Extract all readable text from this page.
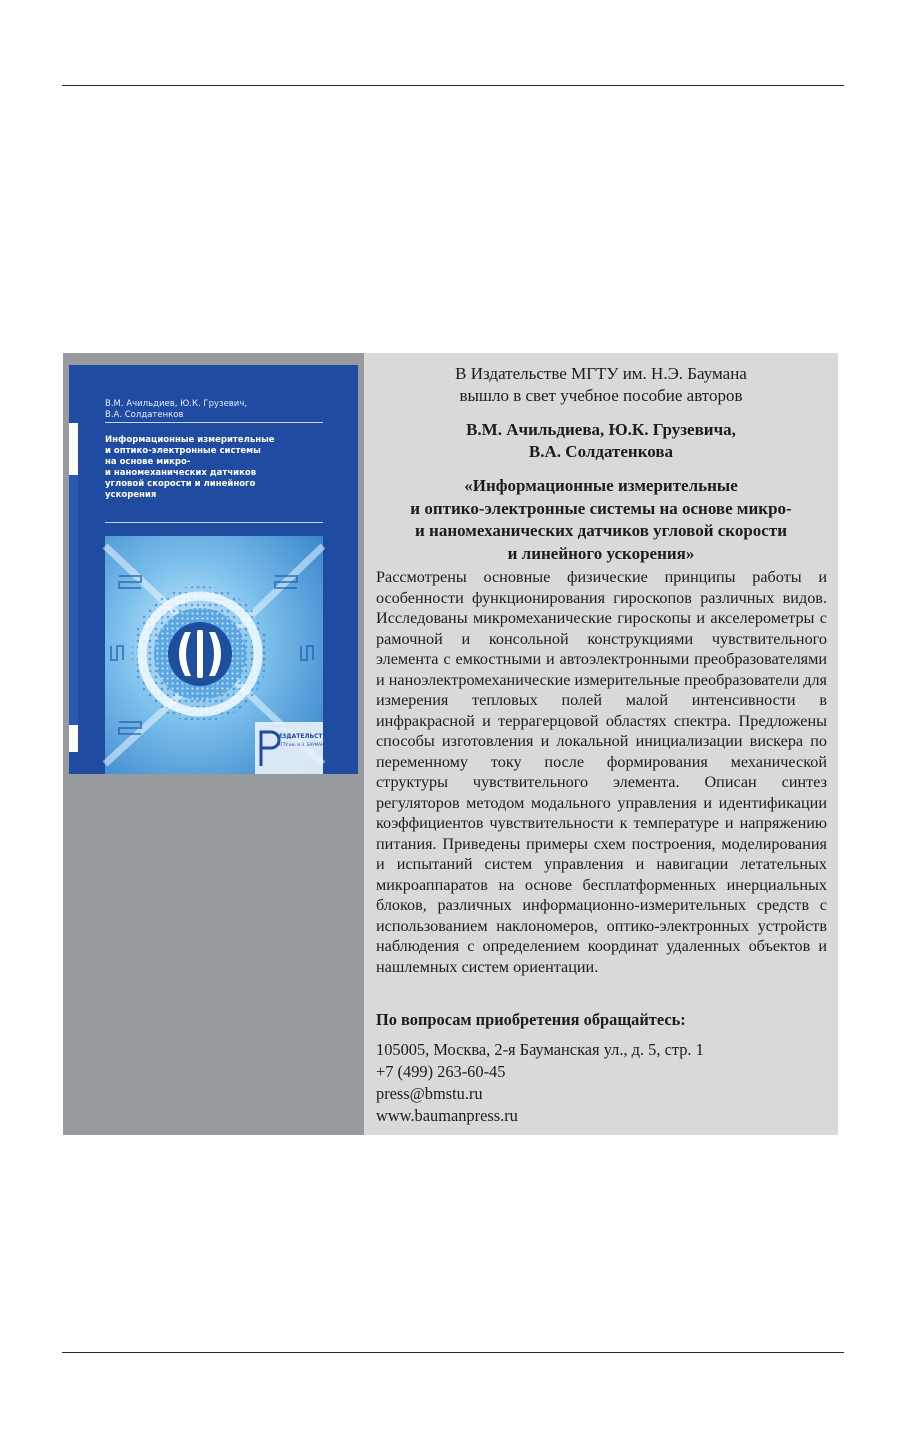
В.М. Ачильдиев, Ю.К. Грузевич,
В.А. Солдатенков
Информационные измерительные
и оптико-электронные системы
на основе микро-
и наномеханических датчиков
угловой скорости и линейного
ускорения
ИЗДАТЕЛЬСТВО
МГТУ им. Н.Э. БАУМАНА
В Издательстве МГТУ им. Н.Э. Баумана
вышло в свет учебное пособие авторов
В.М. Ачильдиева, Ю.К. Грузевича,
В.А. Солдатенкова
«Информационные измерительные
и оптико-электронные системы на основе микро-
и наномеханических датчиков угловой скорости
и линейного ускорения»
Рассмотрены основные физические принципы работы и особенности функционирования гироскопов различных видов. Исследованы микромеханические гироскопы и акселерометры с рамочной и консольной конструкциями чувствительного элемента с емкостными и автоэлектронными преобразователями и наноэлектромеханические измерительные преобразователи для измерения тепловых полей малой интенсивности в инфракрасной и террагерцовой областях спектра. Предложены способы изготовления и локальной инициализации вискера по переменному току после формирования механической структуры чувствительного элемента. Описан синтез регуляторов методом модального управления и идентификации коэффициентов чувствительности к температуре и напряжению питания. Приведены примеры схем построения, моделирования и испытаний систем управления и навигации летательных микроаппаратов на основе бесплатформенных инерциальных блоков, различных информационно-измерительных средств с использованием наклономеров, оптико-электронных устройств наблюдения с определением координат удаленных объектов и нашлемных систем ориентации.
По вопросам приобретения обращайтесь:
105005, Москва, 2-я Бауманская ул., д. 5, стр. 1
+7 (499) 263-60-45
press@bmstu.ru
www.baumanpress.ru
